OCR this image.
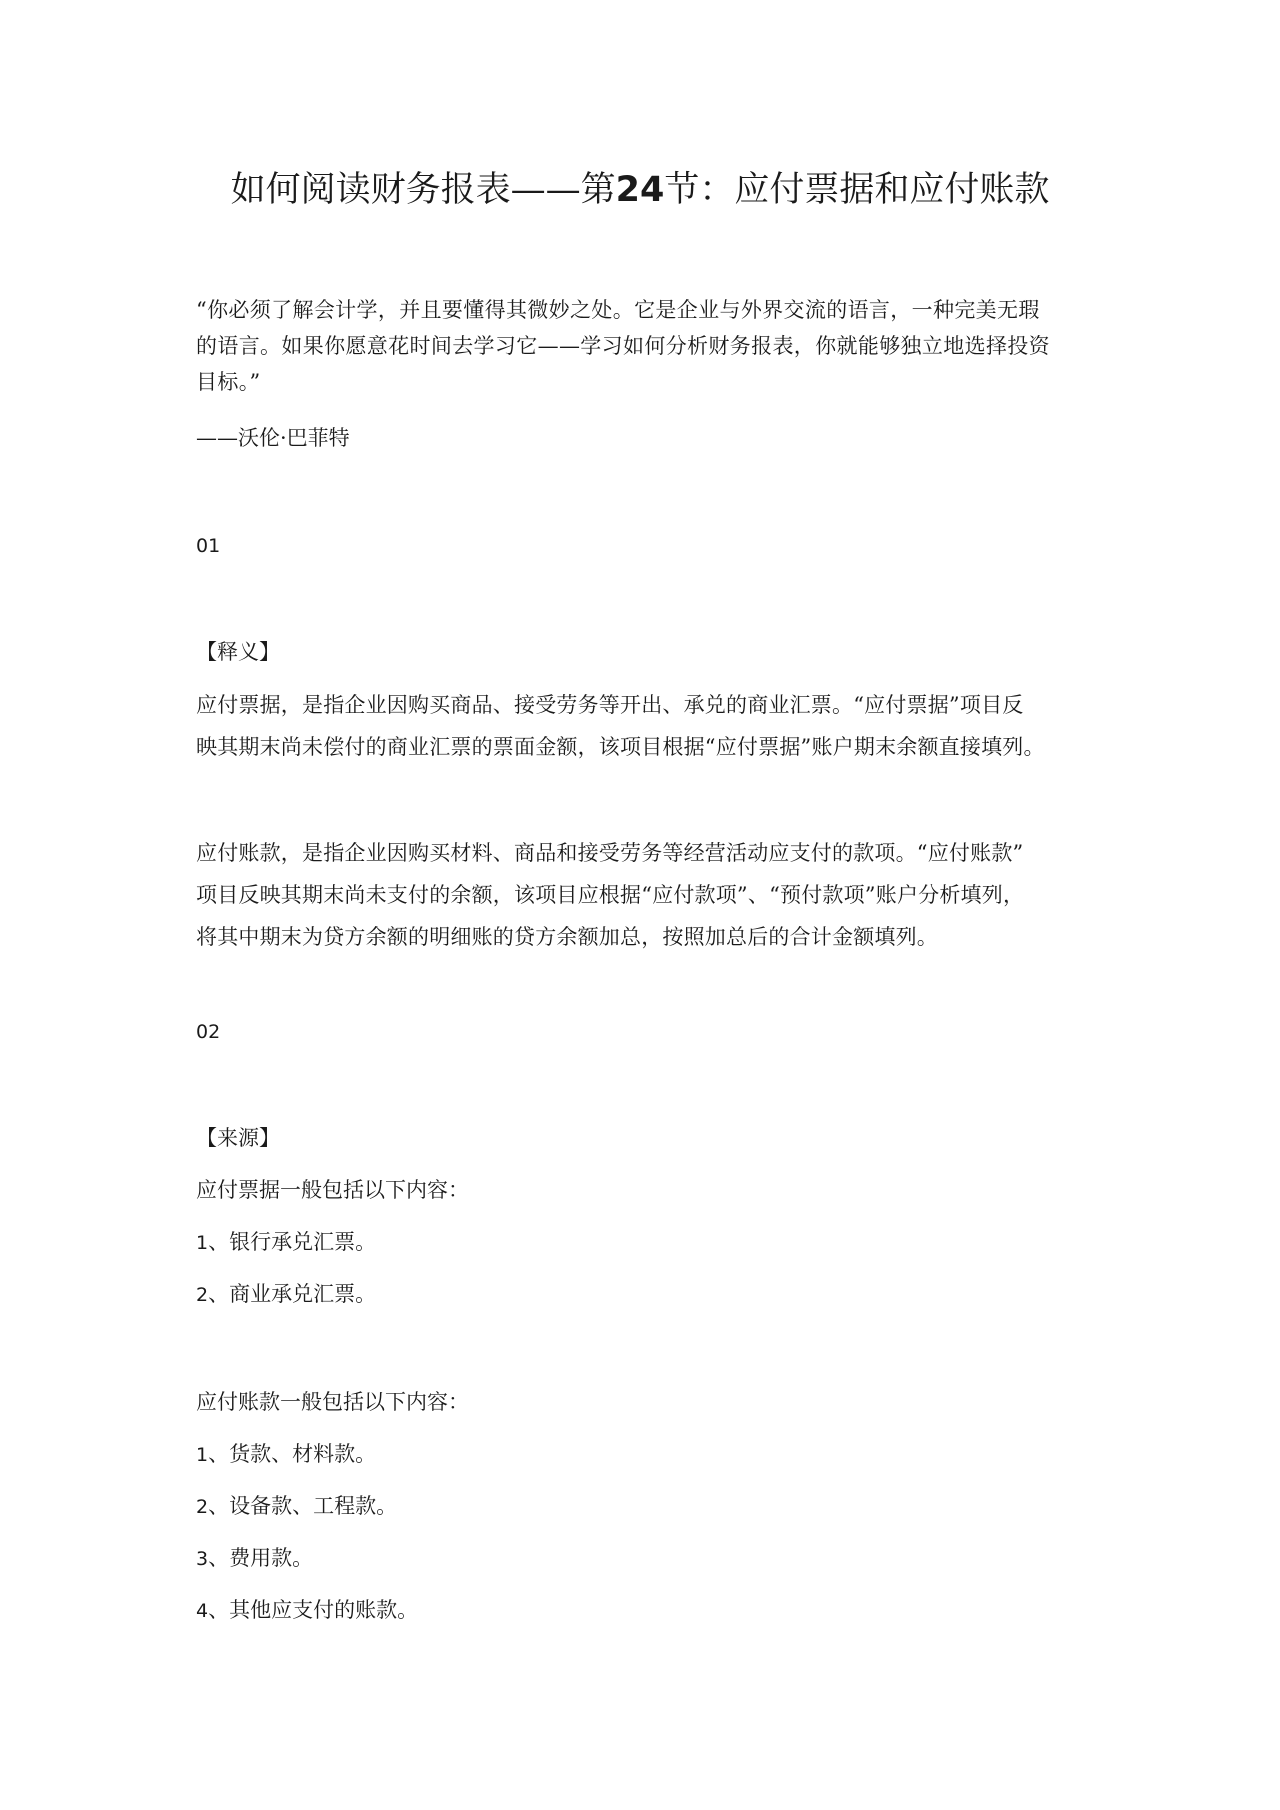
如何阅读财务报表——第24节：应付票据和应付账款
“你必须了解会计学，并且要懂得其微妙之处。它是企业与外界交流的语言，一种完美无瑕
的语言。如果你愿意花时间去学习它——学习如何分析财务报表，你就能够独立地选择投资
目标。”
——沃伦·巴菲特
01
【释义】
应付票据，是指企业因购买商品、接受劳务等开出、承兑的商业汇票。“应付票据”项目反
映其期末尚未偿付的商业汇票的票面金额，该项目根据“应付票据”账户期末余额直接填列。
应付账款，是指企业因购买材料、商品和接受劳务等经营活动应支付的款项。“应付账款”
项目反映其期末尚未支付的余额，该项目应根据“应付款项”、“预付款项”账户分析填列，
将其中期末为贷方余额的明细账的贷方余额加总，按照加总后的合计金额填列。
02
【来源】
应付票据一般包括以下内容：
1、银行承兑汇票。
2、商业承兑汇票。
应付账款一般包括以下内容：
1、货款、材料款。
2、设备款、工程款。
3、费用款。
4、其他应支付的账款。
